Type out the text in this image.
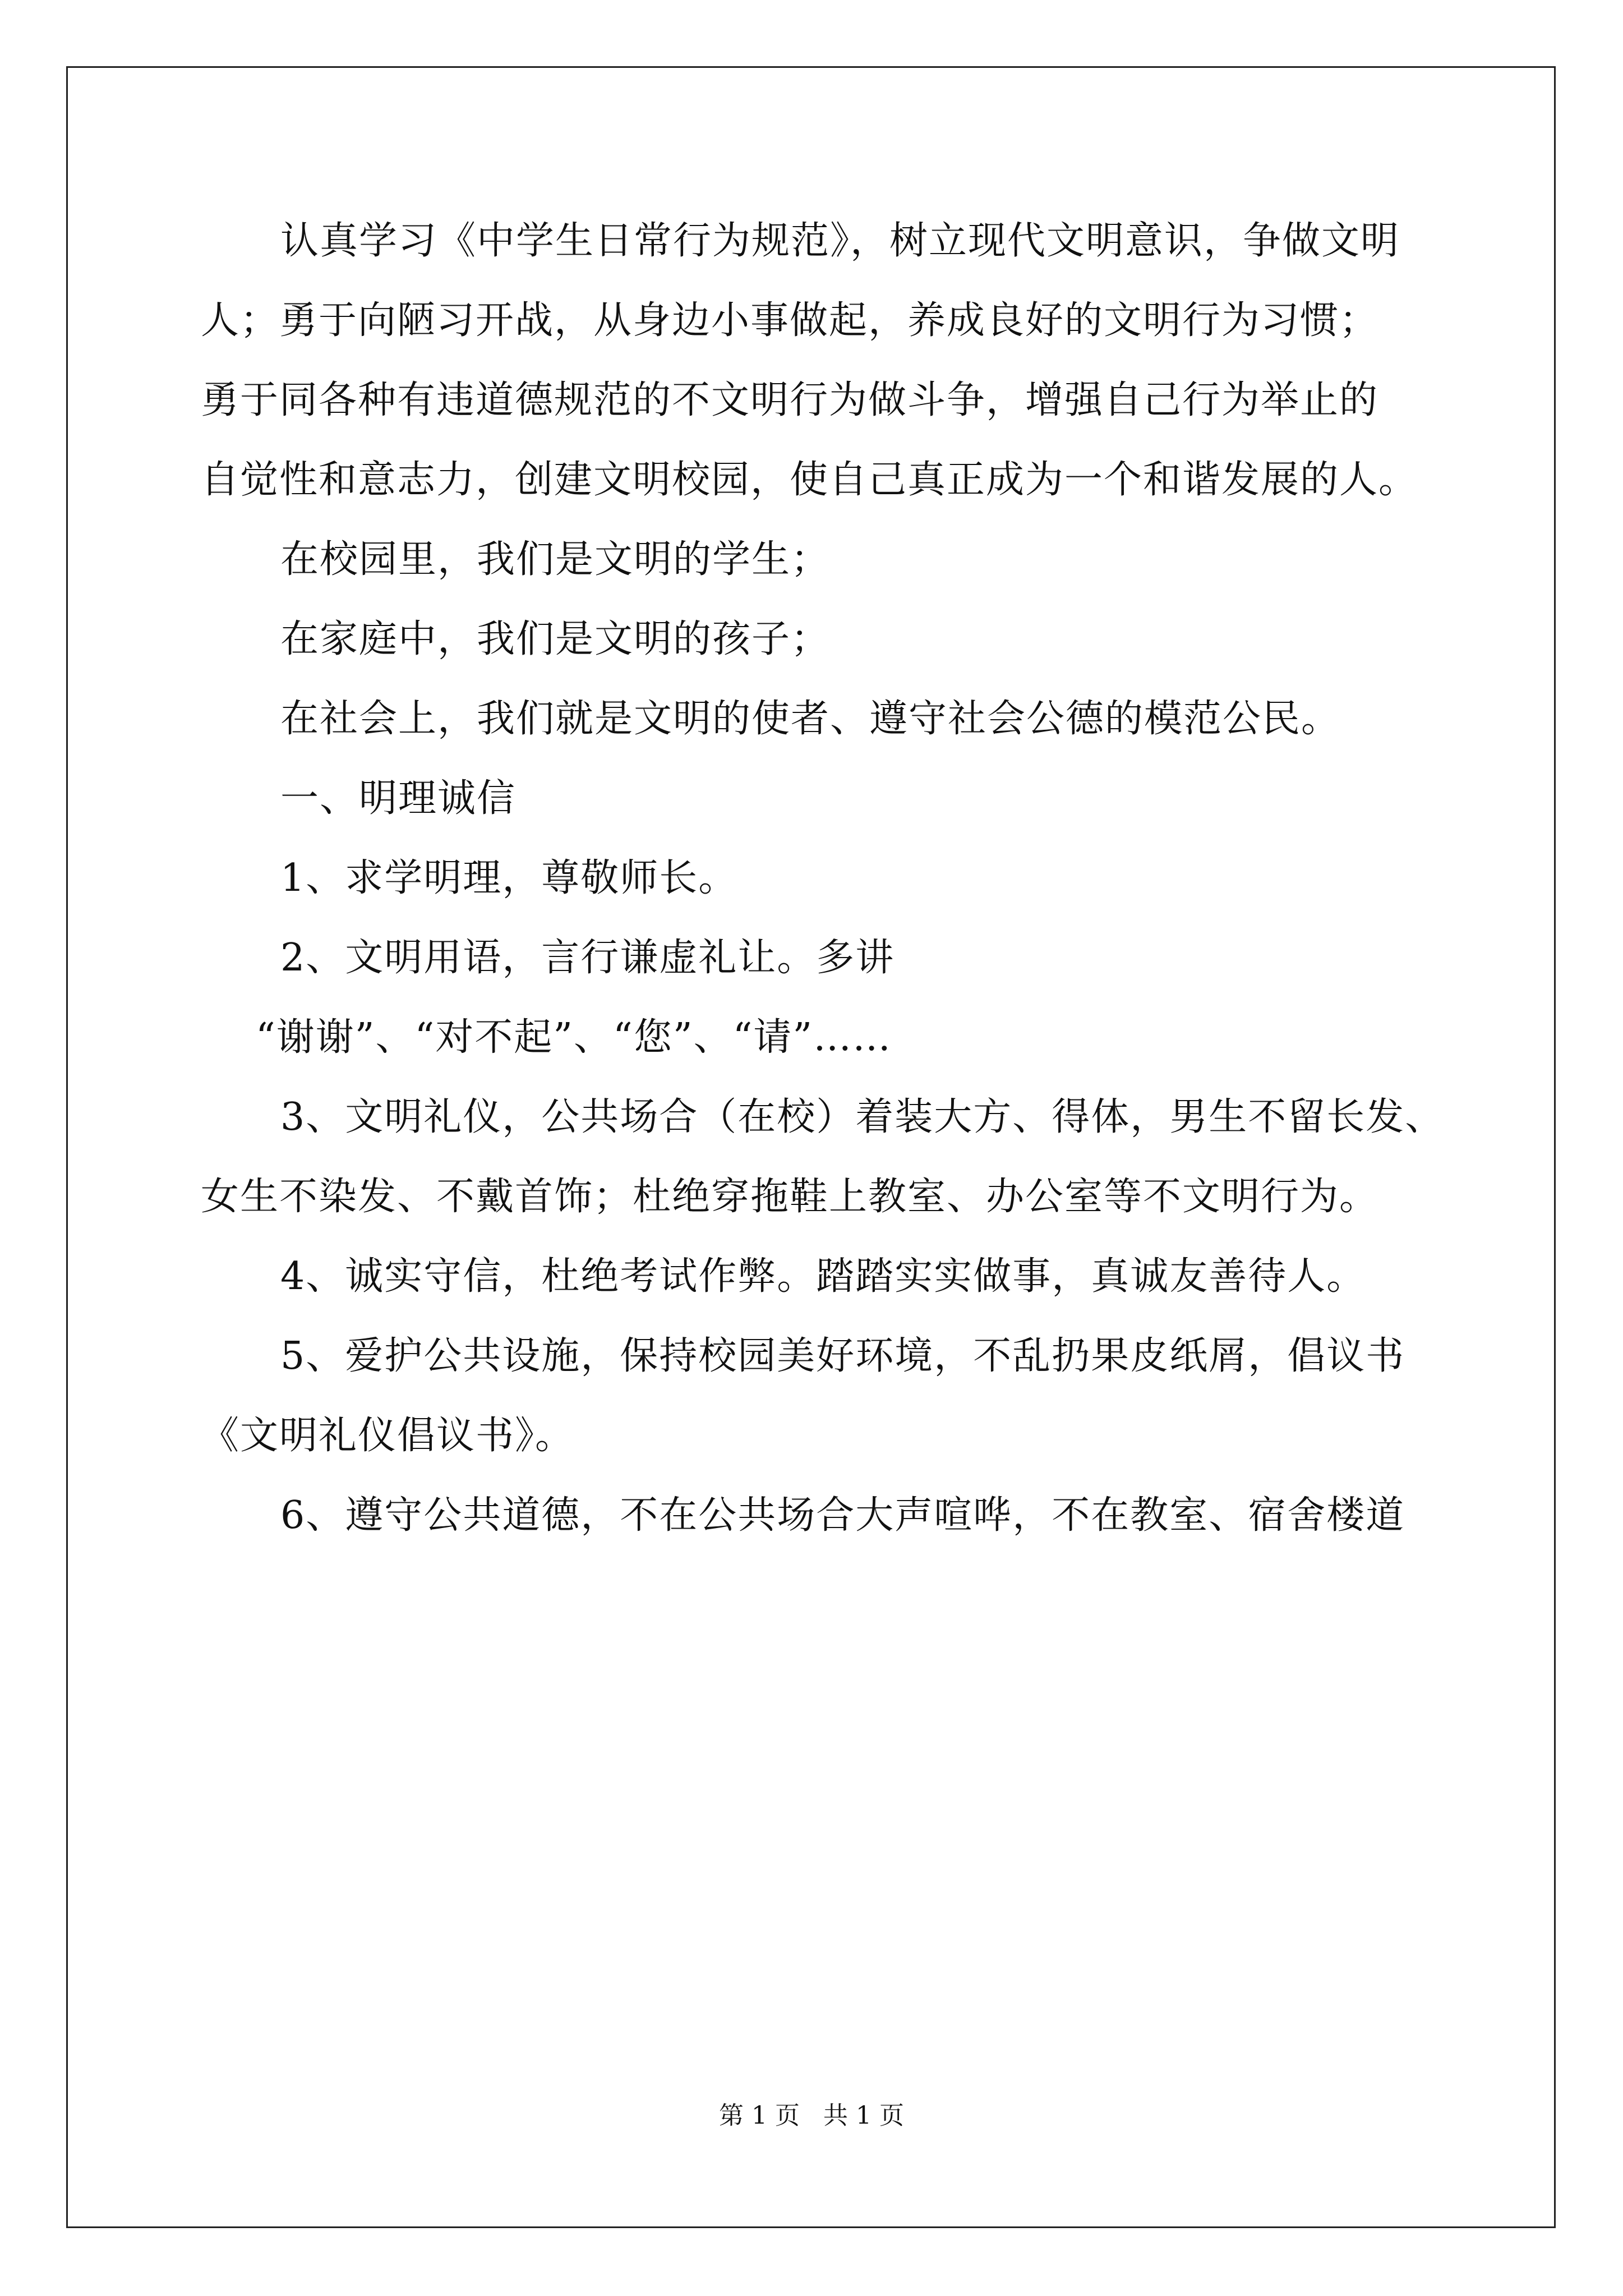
认真学习《中学生日常行为规范》，树立现代文明意识，争做文明
人；勇于向陋习开战，从身边小事做起，养成良好的文明行为习惯；
勇于同各种有违道德规范的不文明行为做斗争，增强自己行为举止的
自觉性和意志力，创建文明校园，使自己真正成为一个和谐发展的人。
在校园里，我们是文明的学生；
在家庭中，我们是文明的孩子；
在社会上，我们就是文明的使者、遵守社会公德的模范公民。
一、明理诚信
1、求学明理，尊敬师长。
2、文明用语，言行谦虚礼让。多讲
“谢谢”、“对不起”、“您”、“请”……
3、文明礼仪，公共场合（在校）着装大方、得体，男生不留长发、
女生不染发、不戴首饰；杜绝穿拖鞋上教室、办公室等不文明行为。
4、诚实守信，杜绝考试作弊。踏踏实实做事，真诚友善待人。
5、爱护公共设施，保持校园美好环境，不乱扔果皮纸屑，倡议书
《文明礼仪倡议书》。
6、遵守公共道德，不在公共场合大声喧哗，不在教室、宿舍楼道
第 1 页   共 1 页
